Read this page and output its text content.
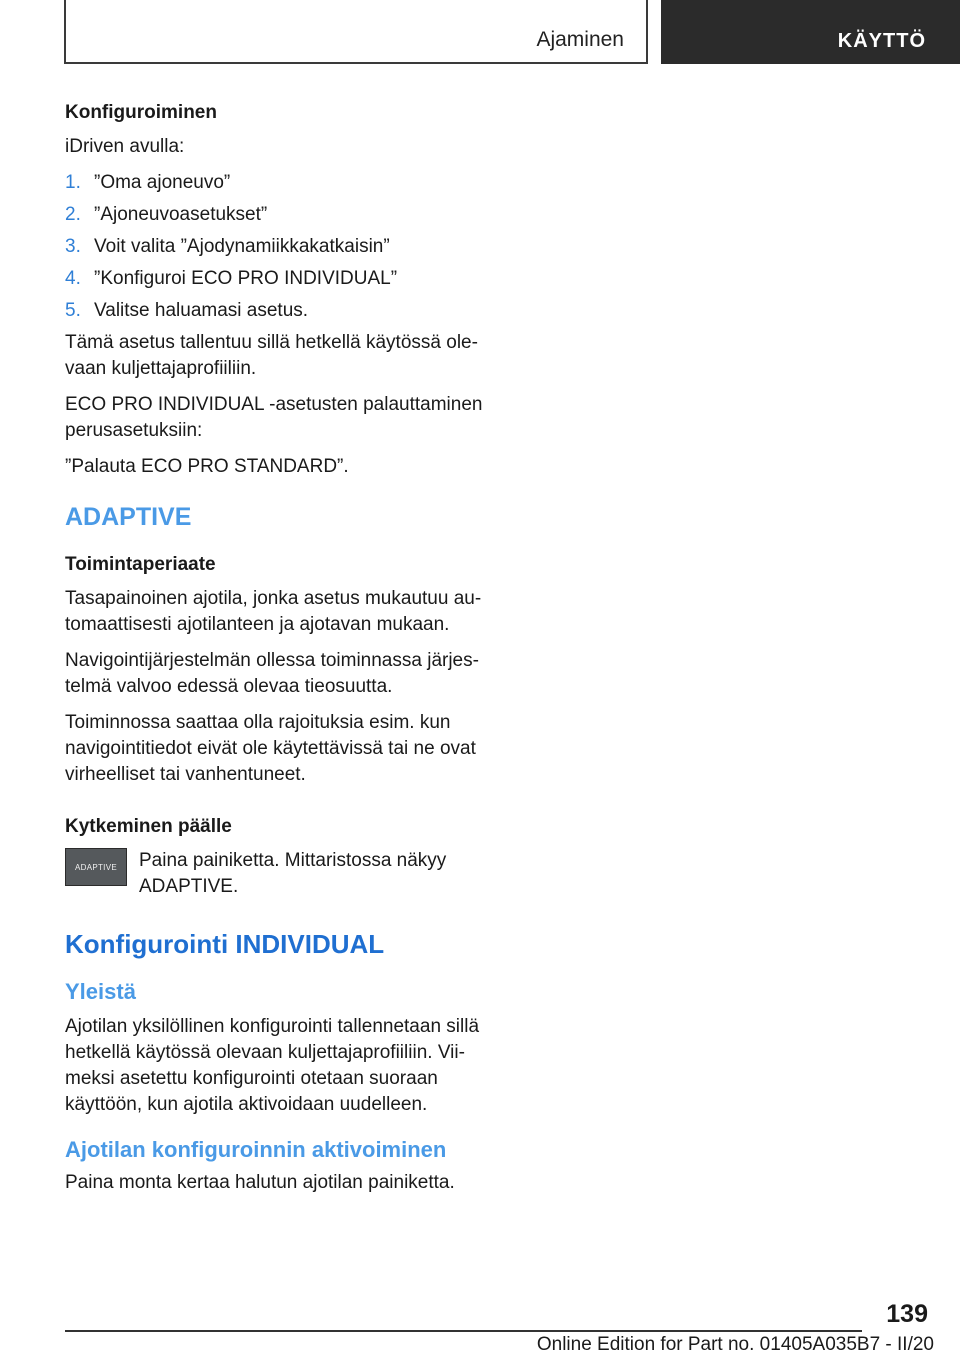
Ajaminen	KÄYTTÖ
Konfiguroiminen
iDriven avulla:
1. ”Oma ajoneuvo”
2. ”Ajoneuvoasetukset”
3. Voit valita ”Ajodynamiikkakatkaisin”
4. ”Konfiguroi ECO PRO INDIVIDUAL”
5. Valitse haluamasi asetus.
Tämä asetus tallentuu sillä hetkellä käytössä olevaan kuljettajaprofiiliin.
ECO PRO INDIVIDUAL -asetusten palauttaminen perusasetuksiin:
”Palauta ECO PRO STANDARD”.
ADAPTIVE
Toimintaperiaate
Tasapainoinen ajotila, jonka asetus mukautuu automaattisesti ajotilanteen ja ajotavan mukaan.
Navigointijärjestelmän ollessa toiminnassa järjestelmä valvoo edessä olevaa tieosuutta.
Toiminnossa saattaa olla rajoituksia esim. kun navigointitiedot eivät ole käytettävissä tai ne ovat virheelliset tai vanhentuneet.
Kytkeminen päälle
ADAPTIVE Paina painiketta. Mittaristossa näkyy ADAPTIVE.
Konfigurointi INDIVIDUAL
Yleistä
Ajotilan yksilöllinen konfigurointi tallennetaan sillä hetkellä käytössä olevaan kuljettajaprofiiliin. Viimeksi asetettu konfigurointi otetaan suoraan käyttöön, kun ajotila aktivoidaan uudelleen.
Ajotilan konfiguroinnin aktivoiminen
Paina monta kertaa halutun ajotilan painiketta.
139
Online Edition for Part no. 01405A035B7 - II/20
